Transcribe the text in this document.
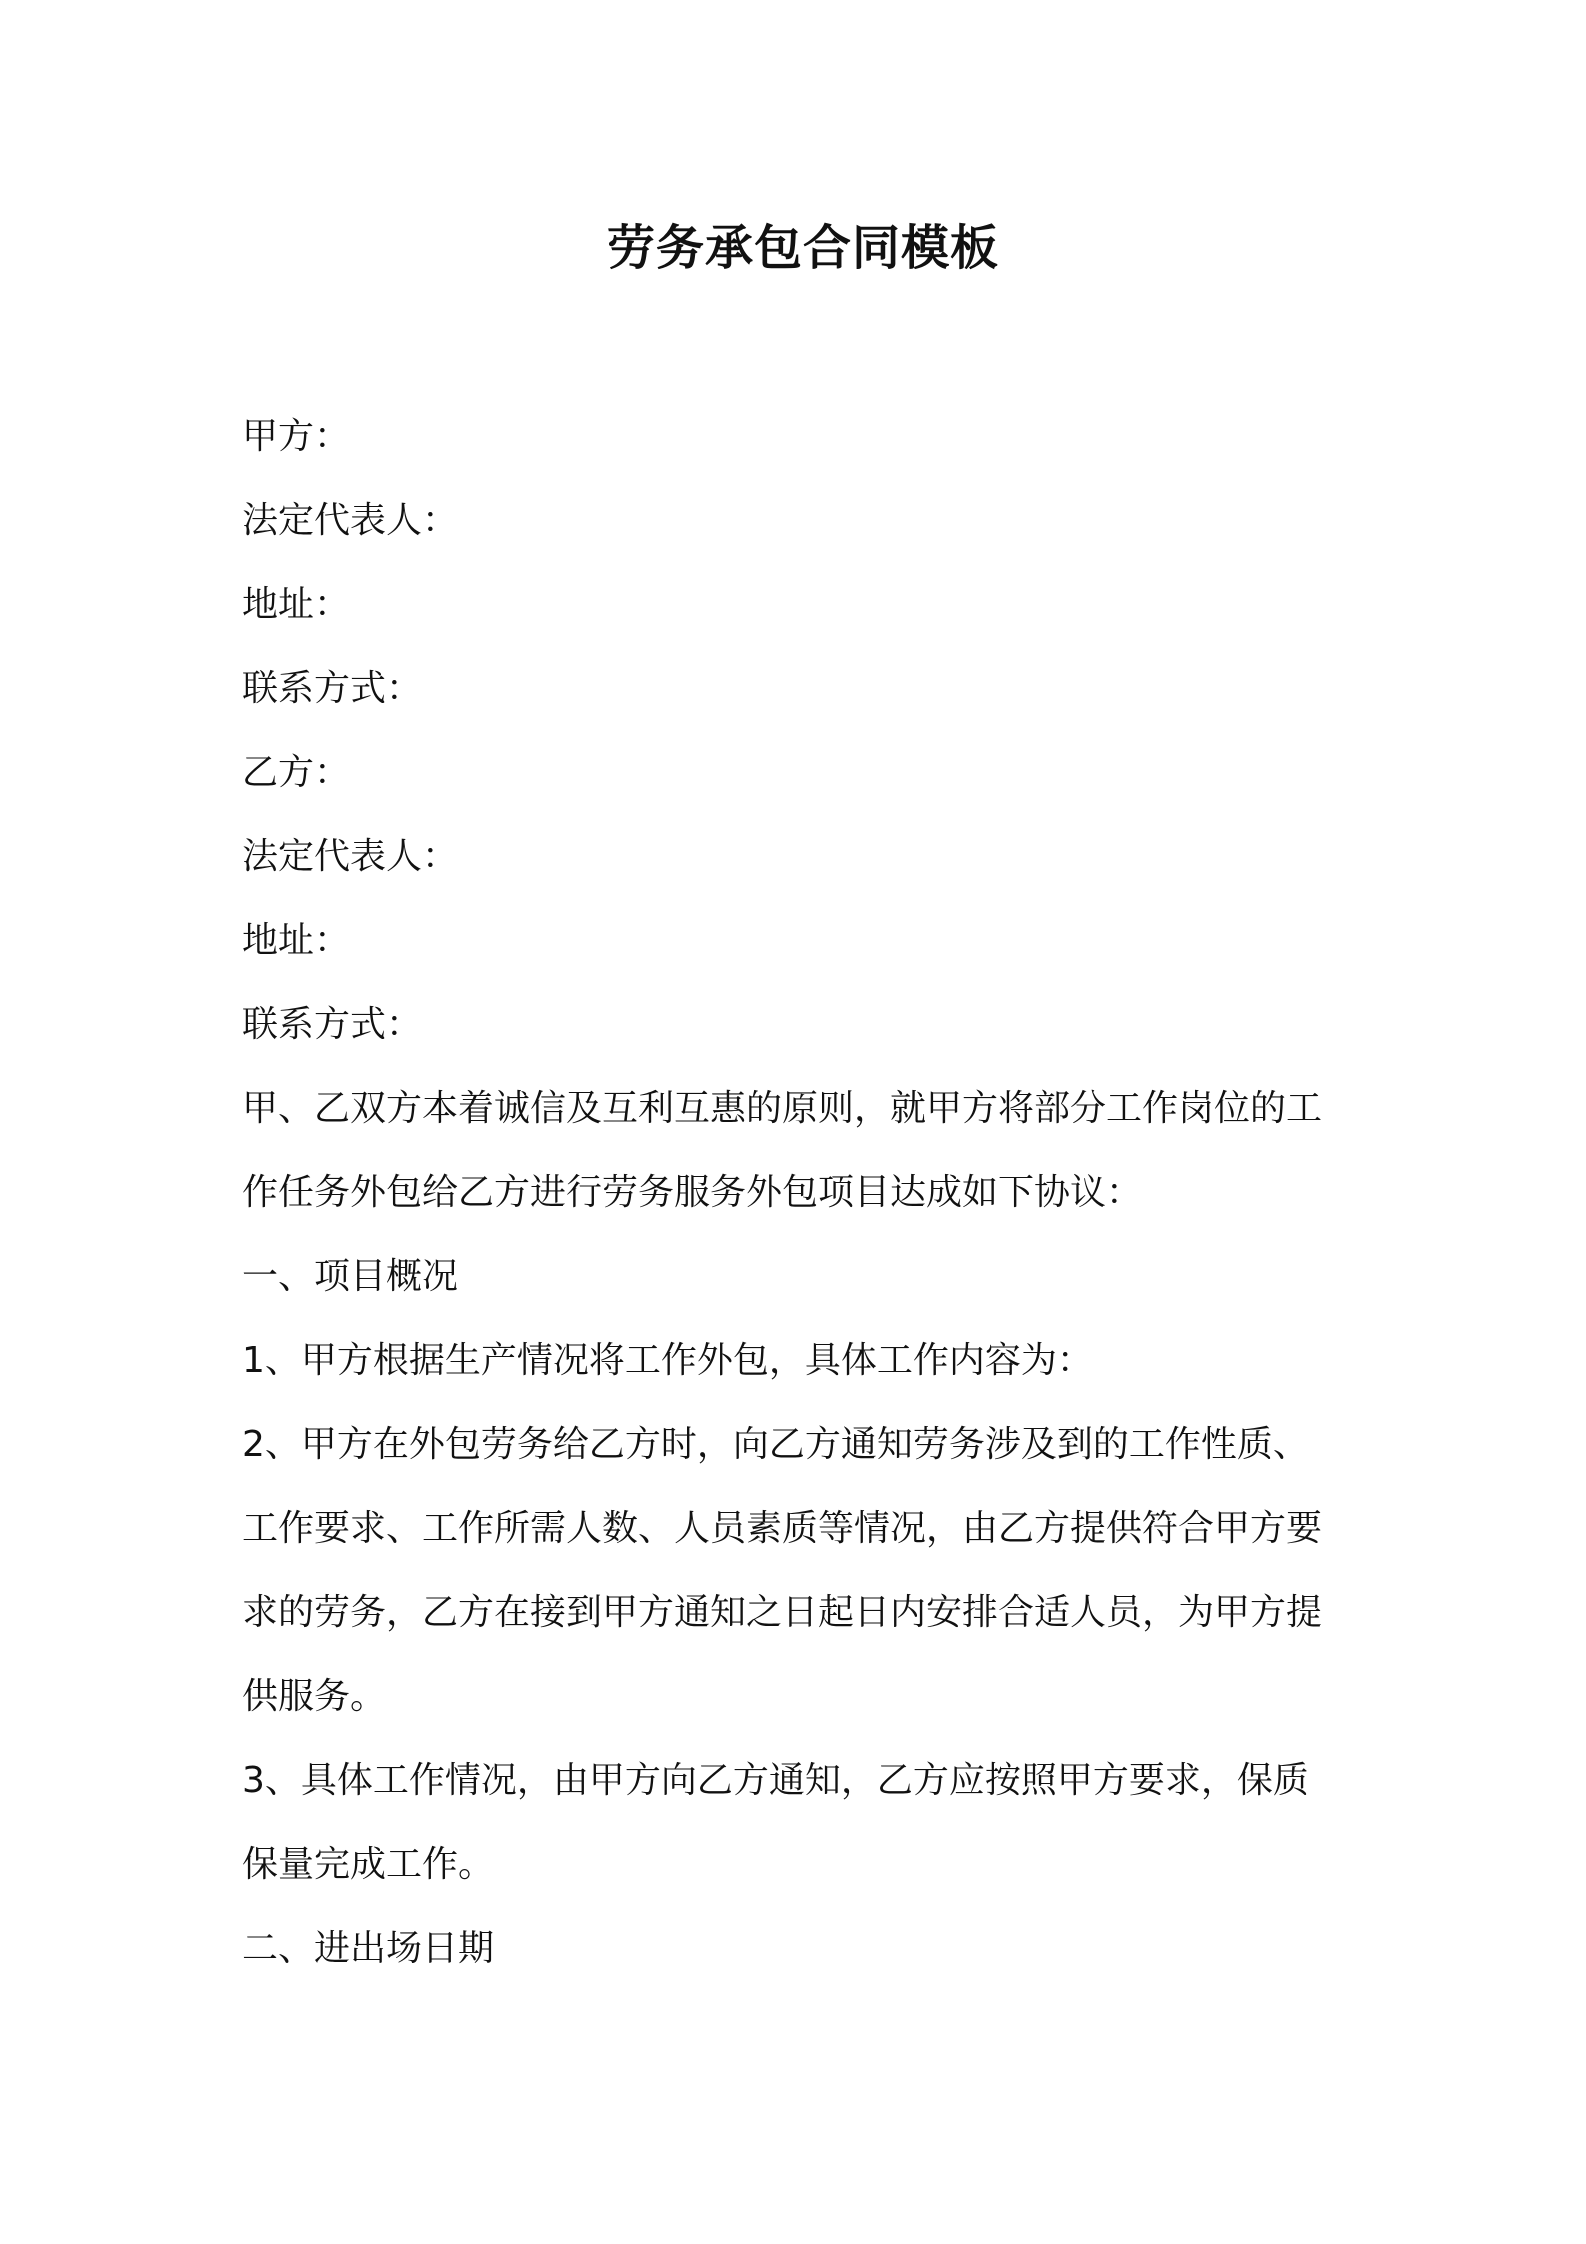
劳务承包合同模板
甲方：
法定代表人：
地址：
联系方式：
乙方：
法定代表人：
地址：
联系方式：
甲、乙双方本着诚信及互利互惠的原则，就甲方将部分工作岗位的工
作任务外包给乙方进行劳务服务外包项目达成如下协议：
一、项目概况
1、甲方根据生产情况将工作外包，具体工作内容为：
2、甲方在外包劳务给乙方时，向乙方通知劳务涉及到的工作性质、
工作要求、工作所需人数、人员素质等情况，由乙方提供符合甲方要
求的劳务，乙方在接到甲方通知之日起日内安排合适人员，为甲方提
供服务。
3、具体工作情况，由甲方向乙方通知，乙方应按照甲方要求，保质
保量完成工作。
二、进出场日期
